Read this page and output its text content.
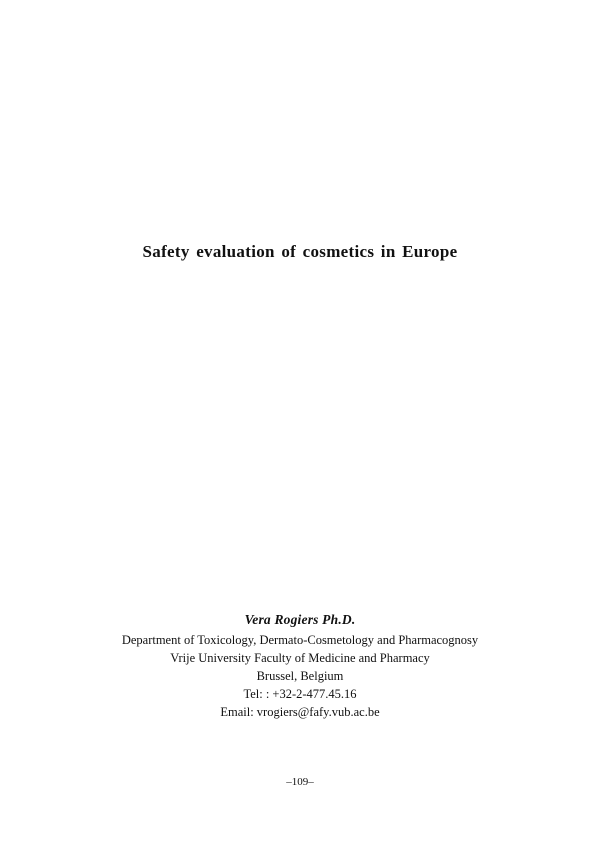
Safety evaluation of cosmetics in Europe

Vera Rogiers Ph.D.

Department of Toxicology, Dermato-Cosmetology and Pharmacognosy

Vrije University Faculty of Medicine and Pharmacy

Brussel, Belgium

Tel: : +32-2-477.45.16

Email: vrogiers@fafy.vub.ac.be

–109–
